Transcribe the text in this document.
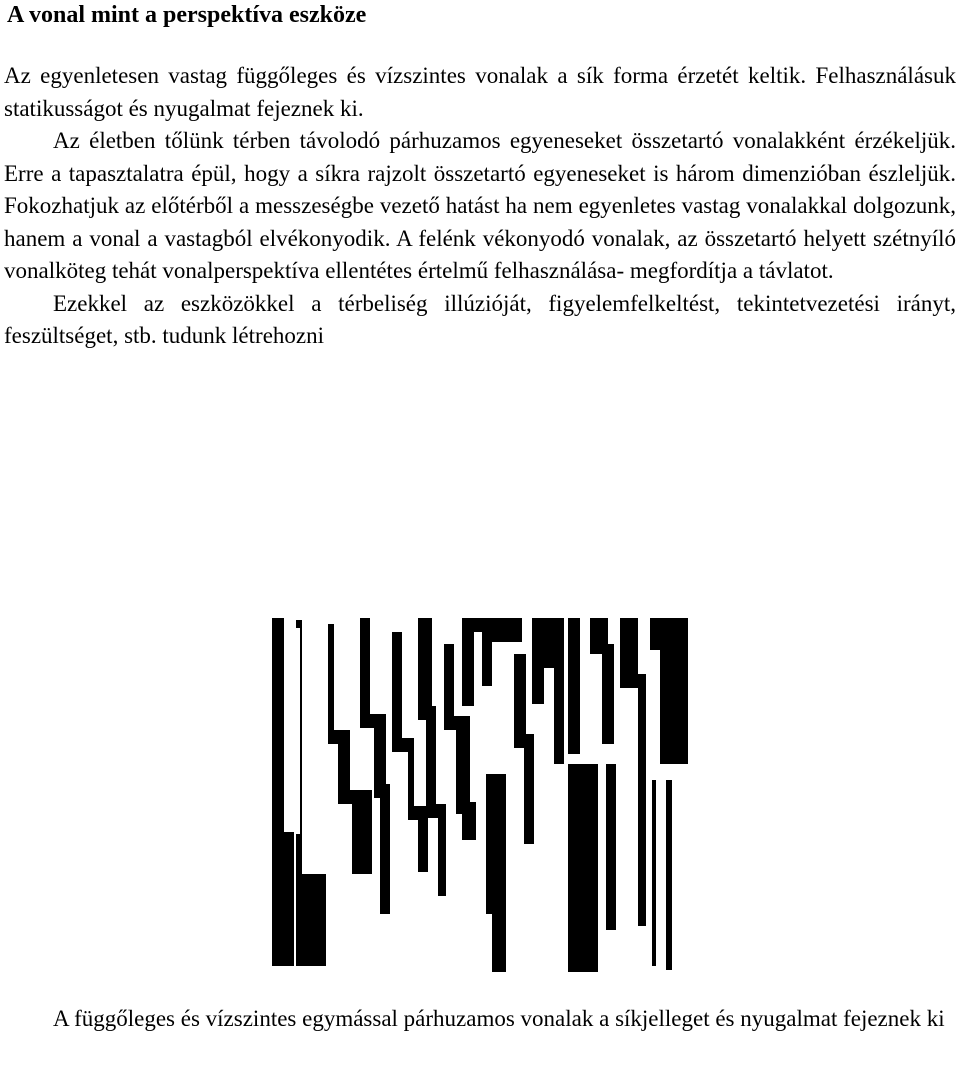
A vonal mint a perspektíva eszköze

Az egyenletesen vastag függőleges és vízszintes vonalak a sík forma érzetét keltik. Felhasználásuk statikusságot és nyugalmat fejeznek ki.

Az életben tőlünk térben távolodó párhuzamos egyeneseket összetartó vonalakként érzékeljük. Erre a tapasztalatra épül, hogy a síkra rajzolt összetartó egyeneseket is három dimenzióban észleljük. Fokozhatjuk az előtérből a messzeségbe vezető hatást ha nem egyenletes vastag vonalakkal dolgozunk, hanem a vonal a vastagból elvékonyodik. A felénk vékonyodó vonalak, az összetartó helyett szétnyíló vonalköteg tehát vonalperspektíva ellentétes értelmű felhasználása- megfordítja a távlatot.

Ezekkel az eszközökkel a térbeliség illúzióját, figyelemfelkeltést, tekintetvezetési irányt, feszültséget, stb. tudunk létrehozni

A függőleges és vízszintes egymással párhuzamos vonalak a síkjelleget és nyugalmat fejeznek ki
